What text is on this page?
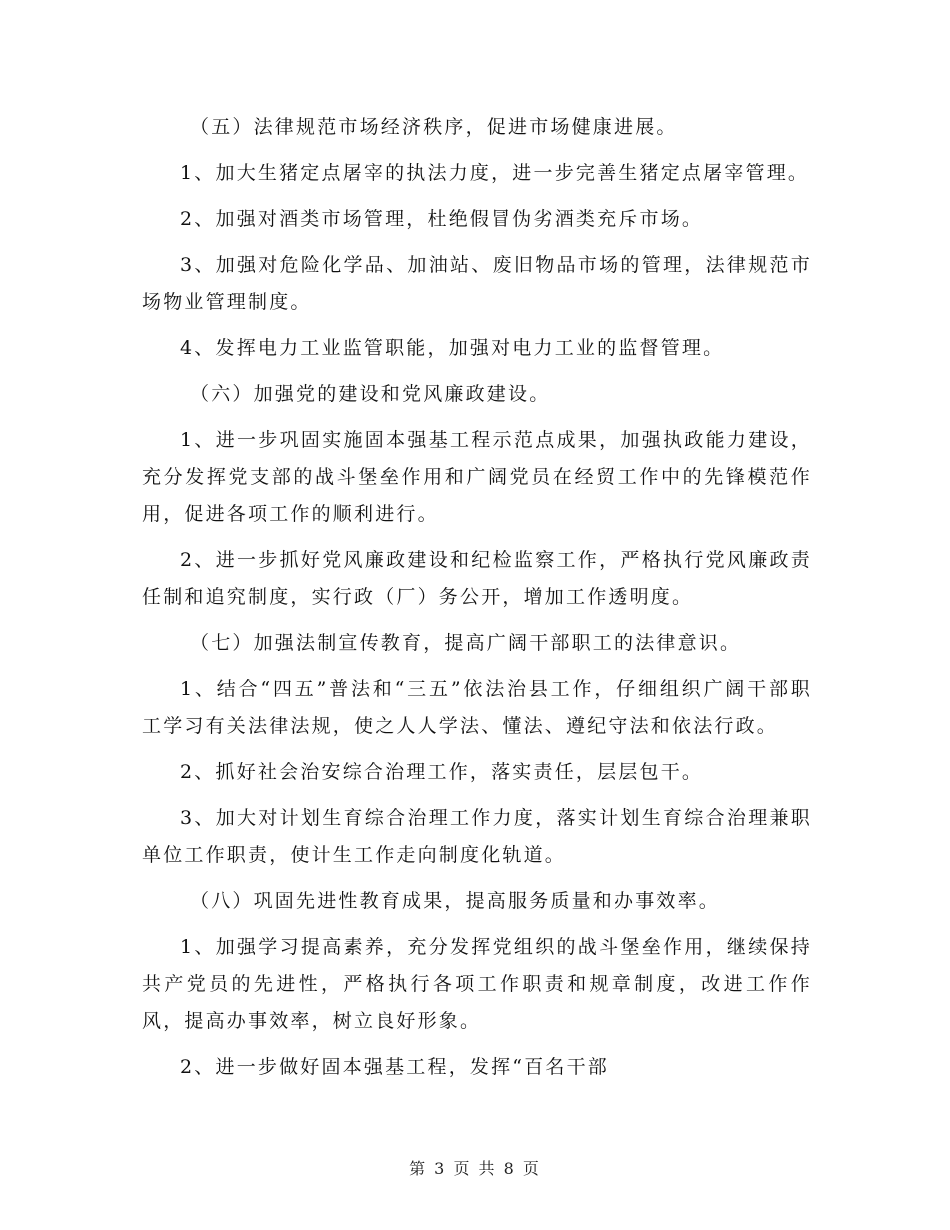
（五）法律规范市场经济秩序，促进市场健康进展。

1、加大生猪定点屠宰的执法力度，进一步完善生猪定点屠宰管理。

2、加强对酒类市场管理，杜绝假冒伪劣酒类充斥市场。

3、加强对危险化学品、加油站、废旧物品市场的管理，法律规范市场物业管理制度。

4、发挥电力工业监管职能，加强对电力工业的监督管理。

（六）加强党的建设和党风廉政建设。

1、进一步巩固实施固本强基工程示范点成果，加强执政能力建设，充分发挥党支部的战斗堡垒作用和广阔党员在经贸工作中的先锋模范作用，促进各项工作的顺利进行。

2、进一步抓好党风廉政建设和纪检监察工作，严格执行党风廉政责任制和追究制度，实行政（厂）务公开，增加工作透明度。

（七）加强法制宣传教育，提高广阔干部职工的法律意识。

1、结合“四五”普法和“三五”依法治县工作，仔细组织广阔干部职工学习有关法律法规，使之人人学法、懂法、遵纪守法和依法行政。

2、抓好社会治安综合治理工作，落实责任，层层包干。

3、加大对计划生育综合治理工作力度，落实计划生育综合治理兼职单位工作职责，使计生工作走向制度化轨道。

（八）巩固先进性教育成果，提高服务质量和办事效率。

1、加强学习提高素养，充分发挥党组织的战斗堡垒作用，继续保持共产党员的先进性，严格执行各项工作职责和规章制度，改进工作作风，提高办事效率，树立良好形象。

2、进一步做好固本强基工程，发挥“百名干部

第 3 页 共 8 页
